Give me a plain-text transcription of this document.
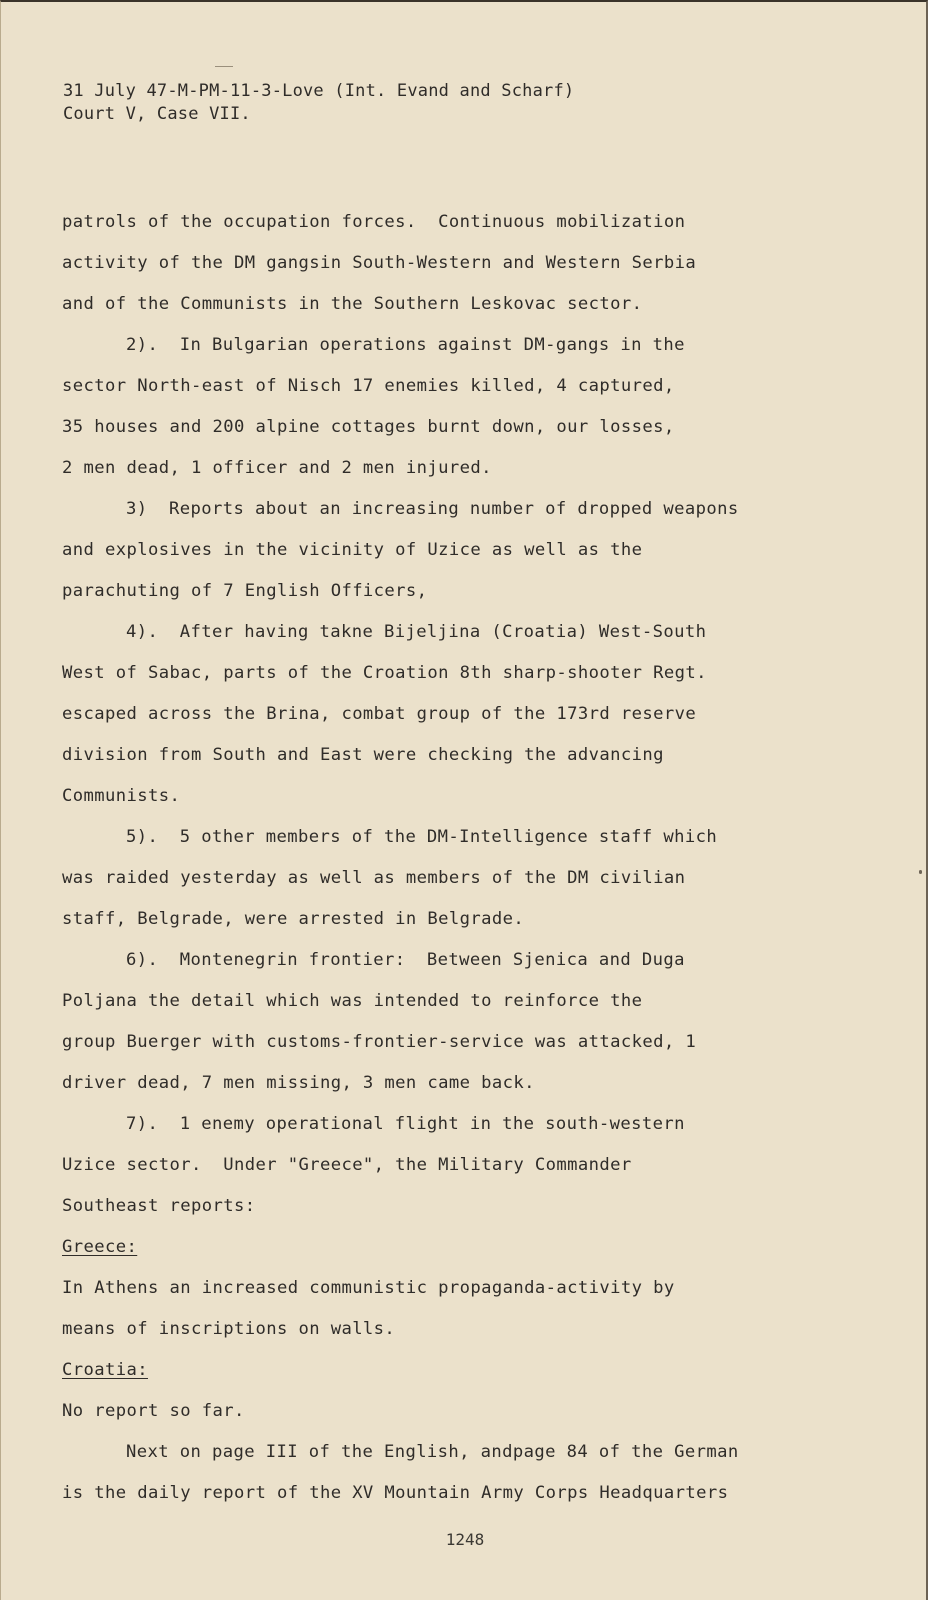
31 July 47-M-PM-11-3-Love (Int. Evand and Scharf)
Court V, Case VII.
patrols of the occupation forces.  Continuous mobilization
activity of the DM gangsin South-Western and Western Serbia
and of the Communists in the Southern Leskovac sector.
2).  In Bulgarian operations against DM-gangs in the
sector North-east of Nisch 17 enemies killed, 4 captured,
35 houses and 200 alpine cottages burnt down, our losses,
2 men dead, 1 officer and 2 men injured.
3)  Reports about an increasing number of dropped weapons
and explosives in the vicinity of Uzice as well as the
parachuting of 7 English Officers,
4).  After having takne Bijeljina (Croatia) West-South
West of Sabac, parts of the Croation 8th sharp-shooter Regt.
escaped across the Brina, combat group of the 173rd reserve
division from South and East were checking the advancing
Communists.
5).  5 other members of the DM-Intelligence staff which
was raided yesterday as well as members of the DM civilian
staff, Belgrade, were arrested in Belgrade.
6).  Montenegrin frontier:  Between Sjenica and Duga
Poljana the detail which was intended to reinforce the
group Buerger with customs-frontier-service was attacked, 1
driver dead, 7 men missing, 3 men came back.
7).  1 enemy operational flight in the south-western
Uzice sector.  Under "Greece", the Military Commander
Southeast reports:
Greece:
In Athens an increased communistic propaganda-activity by
means of inscriptions on walls.
Croatia:
No report so far.
Next on page III of the English, andpage 84 of the German
is the daily report of the XV Mountain Army Corps Headquarters
1248
